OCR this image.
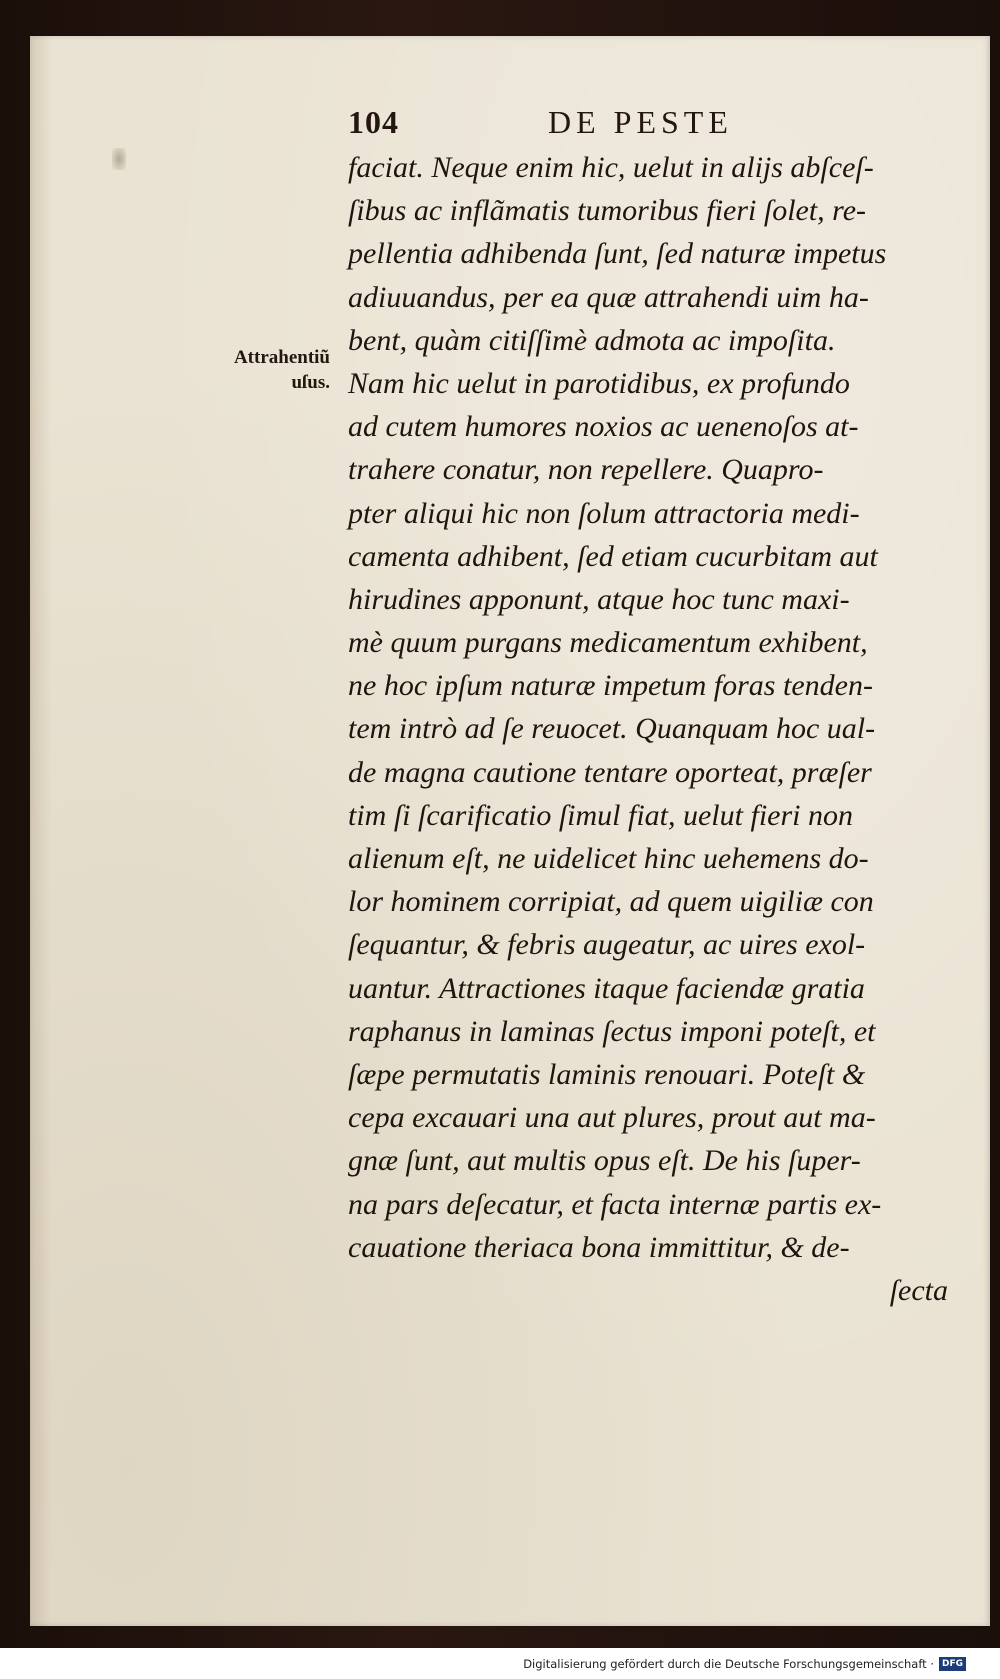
104	DE PESTE
Attrahentiũ
uſus.
faciat. Neque enim hic, uelut in alijs abſceſ-
ſibus ac inflãmatis tumoribus fieri ſolet, re-
pellentia adhibenda ſunt, ſed naturæ impetus
adiuuandus, per ea quæ attrahendi uim ha-
bent, quàm citiſſimè admota ac impoſita.
Nam hic uelut in parotidibus, ex profundo
ad cutem humores noxios ac uenenoſos at-
trahere conatur, non repellere. Quapro-
pter aliqui hic non ſolum attractoria medi-
camenta adhibent, ſed etiam cucurbitam aut
hirudines apponunt, atque hoc tunc maxi-
mè quum purgans medicamentum exhibent,
ne hoc ipſum naturæ impetum foras tenden-
tem intrò ad ſe reuocet. Quanquam hoc ual-
de magna cautione tentare oporteat, præſer
tim ſi ſcarificatio ſimul fiat, uelut fieri non
alienum eſt, ne uidelicet hinc uehemens do-
lor hominem corripiat, ad quem uigiliæ con
ſequantur, & febris augeatur, ac uires exol-
uantur. Attractiones itaque faciendæ gratia
raphanus in laminas ſectus imponi poteſt, et
ſæpe permutatis laminis renouari. Poteſt &
cepa excauari una aut plures, prout aut ma-
gnæ ſunt, aut multis opus eſt. De his ſuper-
na pars deſecatur, et facta internæ partis ex-
cauatione theriaca bona immittitur, & de-
ſecta
Digitalisierung gefördert durch die Deutsche Forschungsgemeinschaft · DFG
